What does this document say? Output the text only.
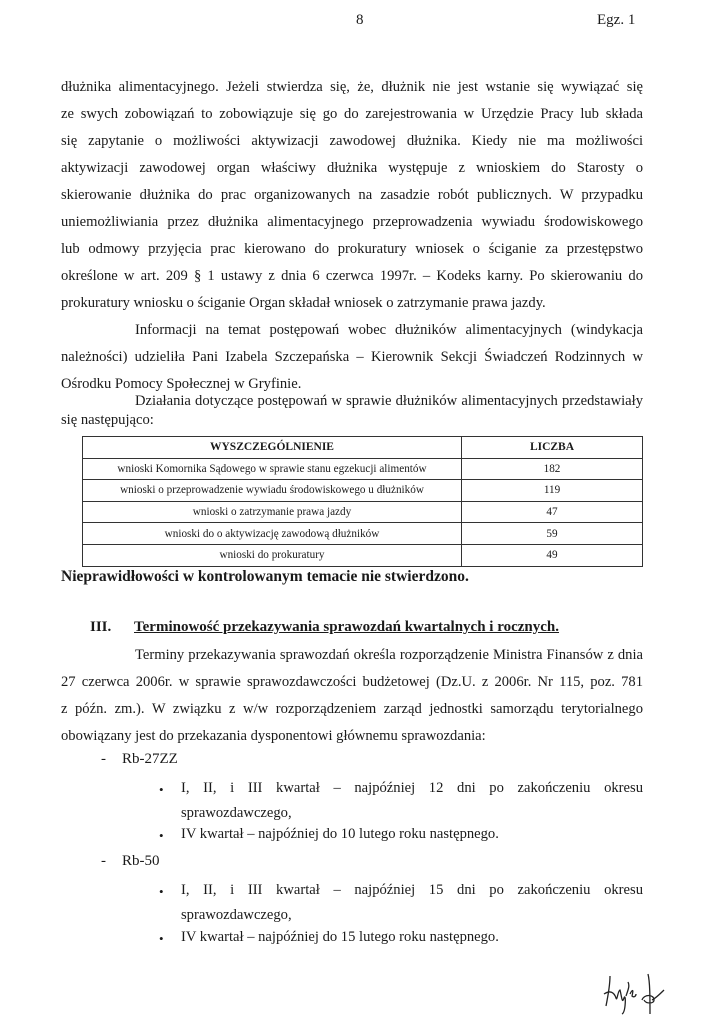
8	Egz. 1
dłużnika alimentacyjnego. Jeżeli stwierdza się, że, dłużnik nie jest wstanie się wywiązać się
ze swych zobowiązań to zobowiązuje się go do zarejestrowania w Urzędzie Pracy lub składa
się zapytanie o możliwości aktywizacji zawodowej dłużnika. Kiedy nie ma możliwości
aktywizacji zawodowej organ właściwy dłużnika występuje z wnioskiem do Starosty o
skierowanie dłużnika do prac organizowanych na zasadzie robót publicznych. W przypadku
uniemożliwiania przez dłużnika alimentacyjnego przeprowadzenia wywiadu środowiskowego
lub odmowy przyjęcia prac kierowano do prokuratury wniosek o ściganie za przestępstwo
określone w art. 209 § 1 ustawy z dnia 6 czerwca 1997r. – Kodeks karny. Po skierowaniu do
prokuratury wniosku o ściganie Organ składał wniosek o zatrzymanie prawa jazdy.
Informacji na temat postępowań wobec dłużników alimentacyjnych (windykacja
należności) udzieliła Pani Izabela Szczepańska – Kierownik Sekcji Świadczeń Rodzinnych w
Ośrodku Pomocy Społecznej w Gryfinie.
Działania dotyczące postępowań w sprawie dłużników alimentacyjnych przedstawiały
się następująco:
WYSZCZEGÓLNIENIE	LICZBA
wnioski Komornika Sądowego w sprawie stanu egzekucji alimentów	182
wnioski o przeprowadzenie wywiadu środowiskowego u dłużników	119
wnioski o zatrzymanie prawa jazdy	47
wnioski do o aktywizację zawodową dłużników	59
wnioski do prokuratury	49
Nieprawidłowości w kontrolowanym temacie nie stwierdzono.
III. Terminowość przekazywania sprawozdań kwartalnych i rocznych.
Terminy przekazywania sprawozdań określa rozporządzenie Ministra Finansów z dnia
27 czerwca 2006r. w sprawie sprawozdawczości budżetowej (Dz.U. z 2006r. Nr 115, poz. 781
z późn. zm.). W związku z w/w rozporządzeniem zarząd jednostki samorządu terytorialnego
obowiązany jest do przekazania dysponentowi głównemu sprawozdania:
- Rb-27ZZ
• I, II, i III kwartał – najpóźniej 12 dni po zakończeniu okresu
sprawozdawczego,
• IV kwartał – najpóźniej do 10 lutego roku następnego.
- Rb-50
• I, II, i III kwartał – najpóźniej 15 dni po zakończeniu okresu
sprawozdawczego,
• IV kwartał – najpóźniej do 15 lutego roku następnego.
